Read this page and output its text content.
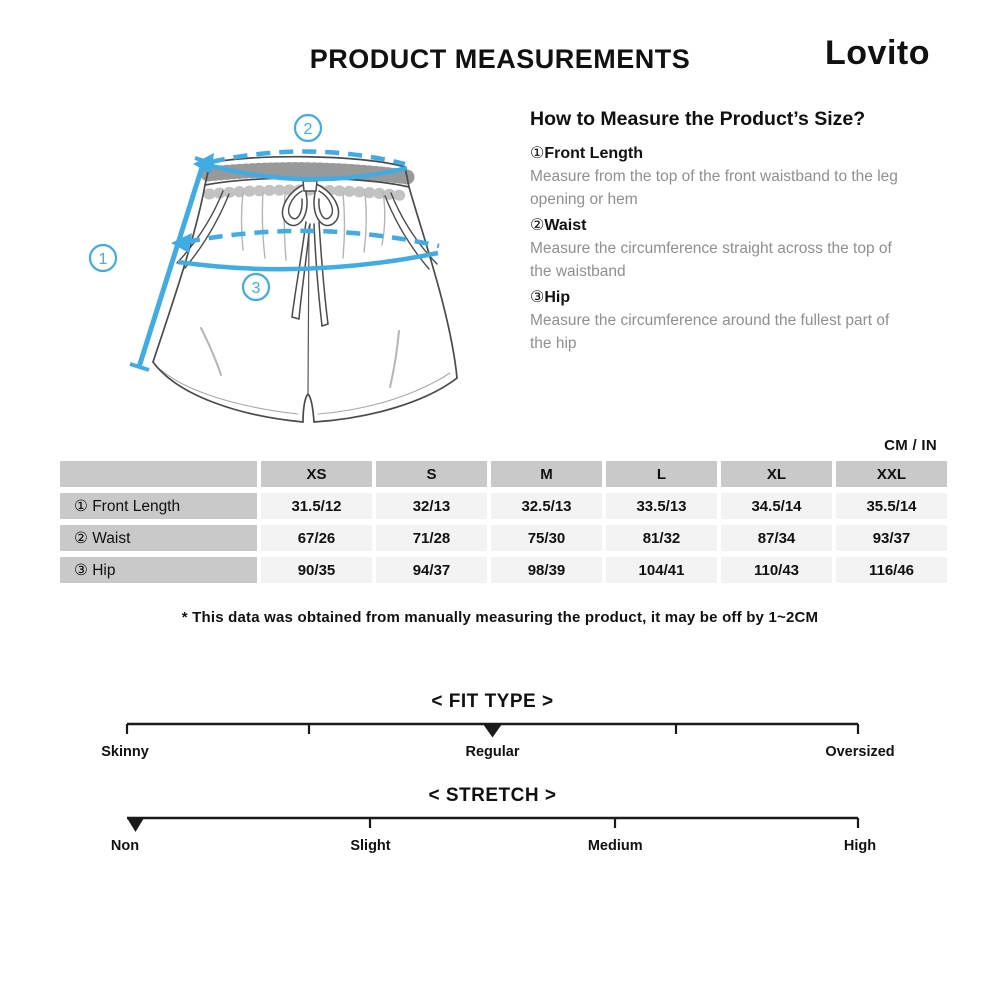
PRODUCT MEASUREMENTS	Lovito
1
2
3
How to Measure the Product’s Size?
①Front Length
Measure from the top of the front waistband to the leg opening or hem
②Waist
Measure the circumference straight across the top of the waistband
③Hip
Measure the circumference around the fullest part of the hip
CM / IN
	XS	S	M	L	XL	XXL
① Front Length	31.5/12	32/13	32.5/13	33.5/13	34.5/14	35.5/14
② Waist	67/26	71/28	75/30	81/32	87/34	93/37
③ Hip	90/35	94/37	98/39	104/41	110/43	116/46

* This data was obtained from manually measuring the product, it may be off by 1~2CM

< FIT TYPE >
Skinny	Regular	Oversized
< STRETCH >
Non	Slight	Medium	High
